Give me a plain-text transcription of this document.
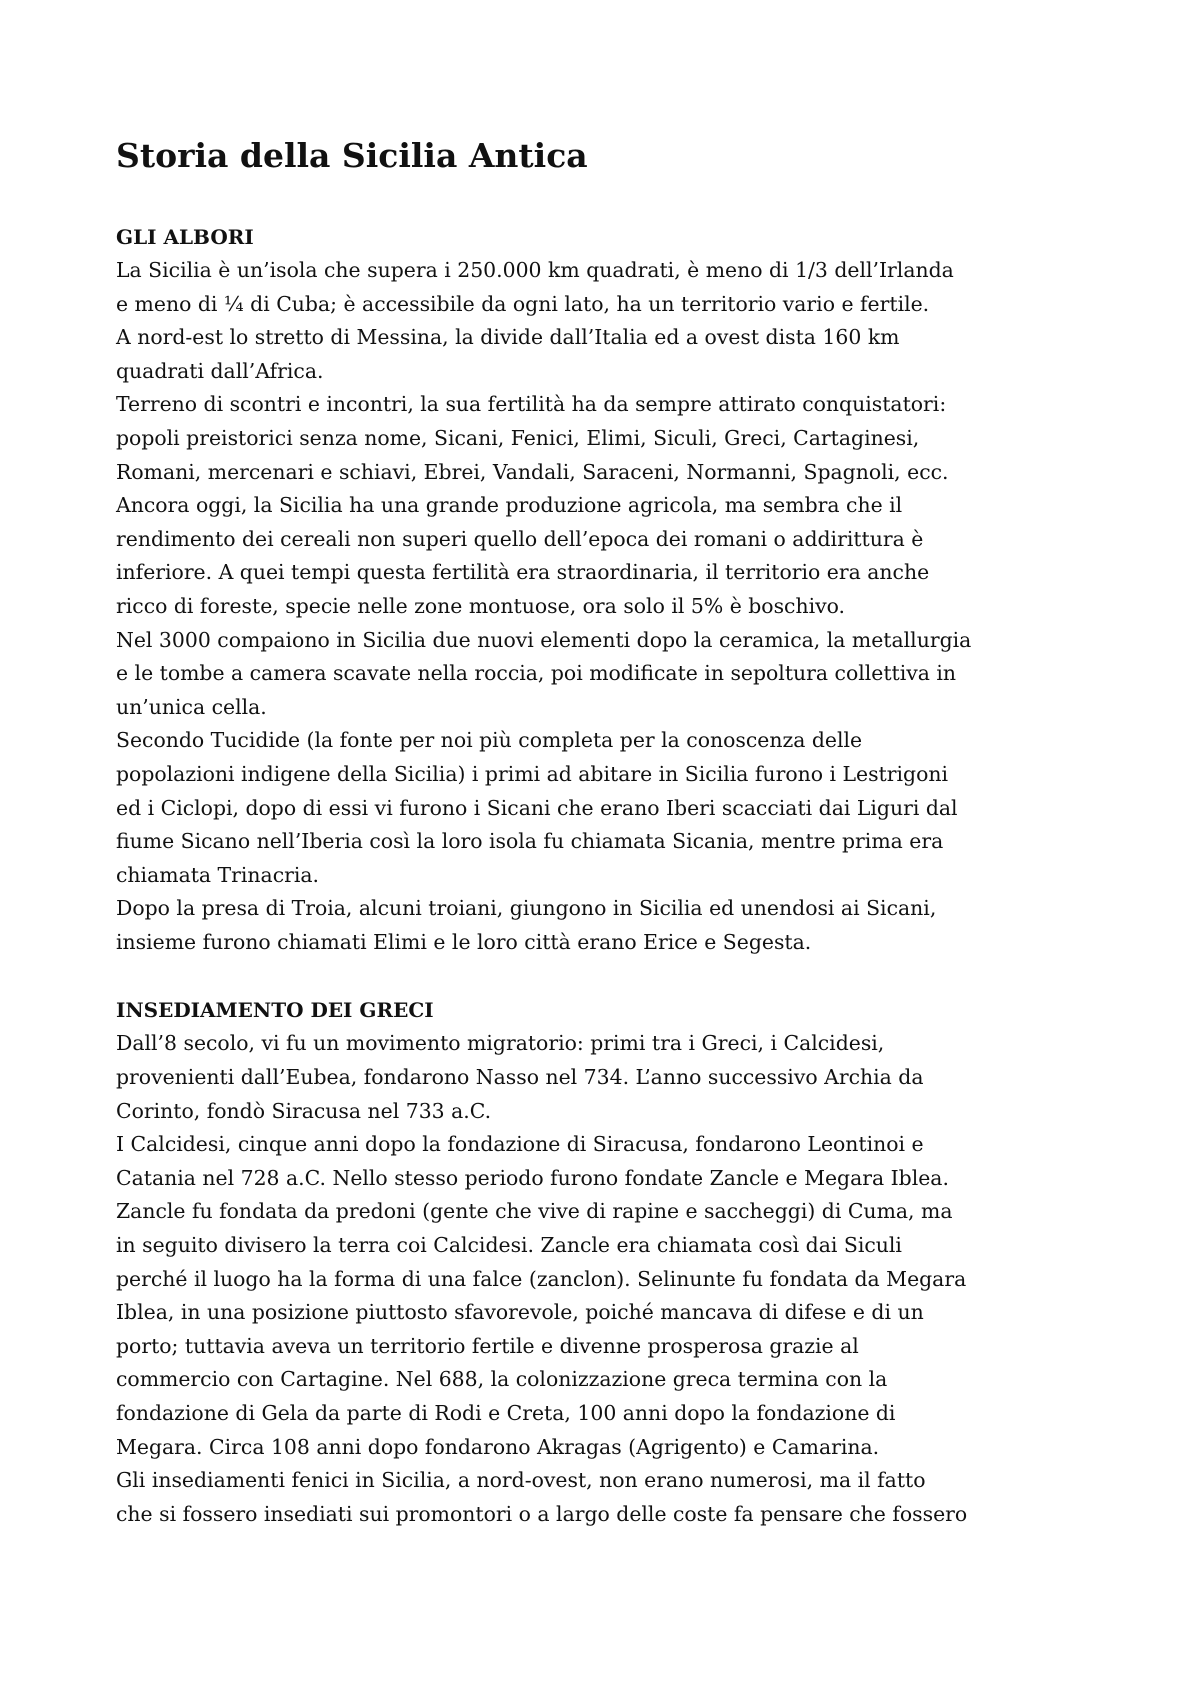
Storia della Sicilia Antica
GLI ALBORI
La Sicilia è un’isola che supera i 250.000 km quadrati, è meno di 1/3 dell’Irlanda
e meno di ¼ di Cuba; è accessibile da ogni lato, ha un territorio vario e fertile.
A nord-est lo stretto di Messina, la divide dall’Italia ed a ovest dista 160 km
quadrati dall’Africa.
Terreno di scontri e incontri, la sua fertilità ha da sempre attirato conquistatori:
popoli preistorici senza nome, Sicani, Fenici, Elimi, Siculi, Greci, Cartaginesi,
Romani, mercenari e schiavi, Ebrei, Vandali, Saraceni, Normanni, Spagnoli, ecc.
Ancora oggi, la Sicilia ha una grande produzione agricola, ma sembra che il
rendimento dei cereali non superi quello dell’epoca dei romani o addirittura è
inferiore. A quei tempi questa fertilità era straordinaria, il territorio era anche
ricco di foreste, specie nelle zone montuose, ora solo il 5% è boschivo.
Nel 3000 compaiono in Sicilia due nuovi elementi dopo la ceramica, la metallurgia
e le tombe a camera scavate nella roccia, poi modificate in sepoltura collettiva in
un’unica cella.
Secondo Tucidide (la fonte per noi più completa per la conoscenza delle
popolazioni indigene della Sicilia) i primi ad abitare in Sicilia furono i Lestrigoni
ed i Ciclopi, dopo di essi vi furono i Sicani che erano Iberi scacciati dai Liguri dal
fiume Sicano nell’Iberia così la loro isola fu chiamata Sicania, mentre prima era
chiamata Trinacria.
Dopo la presa di Troia, alcuni troiani, giungono in Sicilia ed unendosi ai Sicani,
insieme furono chiamati Elimi e le loro città erano Erice e Segesta.
INSEDIAMENTO DEI GRECI
Dall’8 secolo, vi fu un movimento migratorio: primi tra i Greci, i Calcidesi,
provenienti dall’Eubea, fondarono Nasso nel 734. L’anno successivo Archia da
Corinto, fondò Siracusa nel 733 a.C.
I Calcidesi, cinque anni dopo la fondazione di Siracusa, fondarono Leontinoi e
Catania nel 728 a.C. Nello stesso periodo furono fondate Zancle e Megara Iblea.
Zancle fu fondata da predoni (gente che vive di rapine e saccheggi) di Cuma, ma
in seguito divisero la terra coi Calcidesi. Zancle era chiamata così dai Siculi
perché il luogo ha la forma di una falce (zanclon). Selinunte fu fondata da Megara
Iblea, in una posizione piuttosto sfavorevole, poiché mancava di difese e di un
porto; tuttavia aveva un territorio fertile e divenne prosperosa grazie al
commercio con Cartagine. Nel 688, la colonizzazione greca termina con la
fondazione di Gela da parte di Rodi e Creta, 100 anni dopo la fondazione di
Megara. Circa 108 anni dopo fondarono Akragas (Agrigento) e Camarina.
Gli insediamenti fenici in Sicilia, a nord-ovest, non erano numerosi, ma il fatto
che si fossero insediati sui promontori o a largo delle coste fa pensare che fossero
